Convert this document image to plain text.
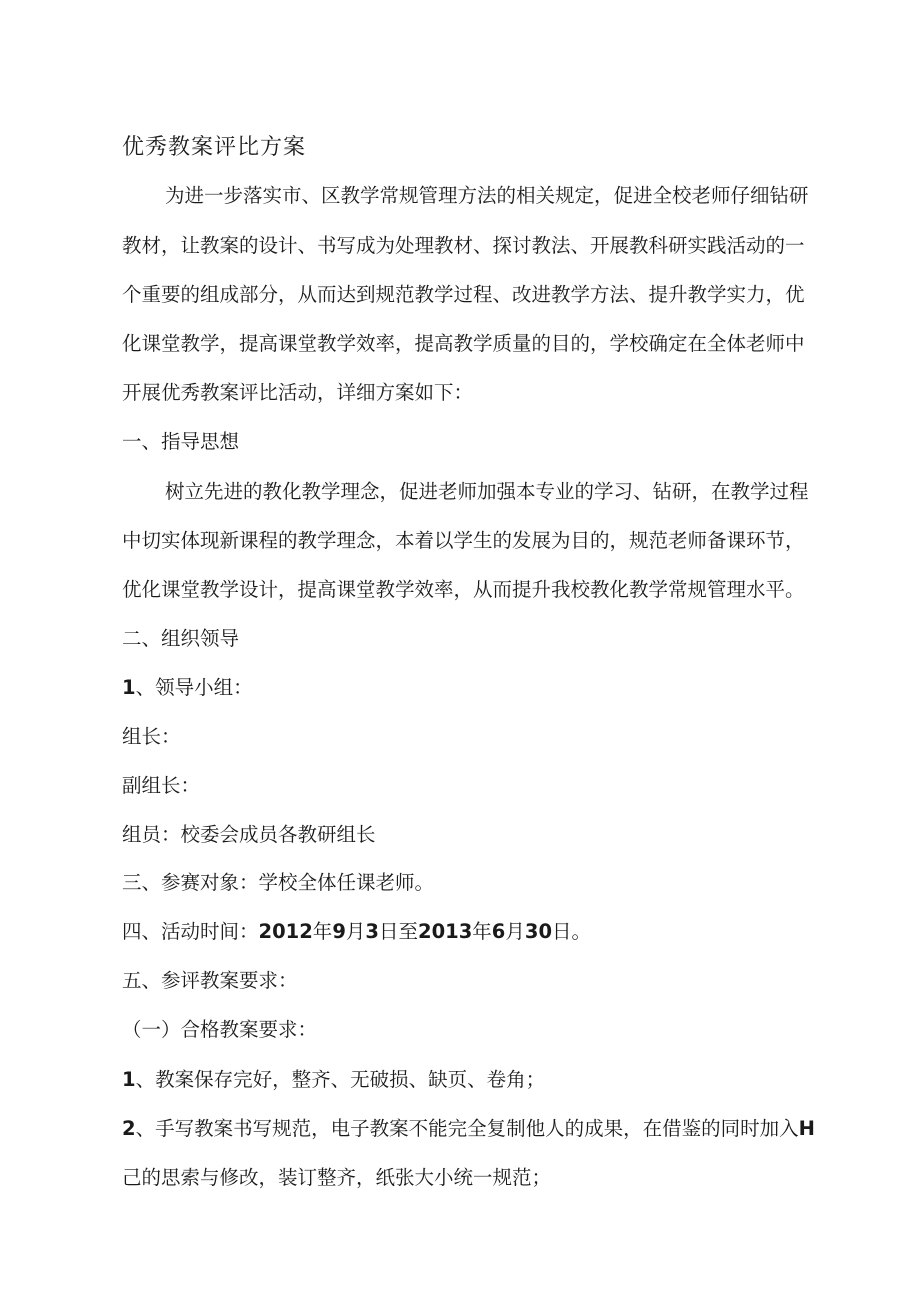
优秀教案评比方案
为进一步落实市、区教学常规管理方法的相关规定，促进全校老师仔细钻研
教材，让教案的设计、书写成为处理教材、探讨教法、开展教科研实践活动的一
个重要的组成部分，从而达到规范教学过程、改进教学方法、提升教学实力，优
化课堂教学，提高课堂教学效率，提高教学质量的目的，学校确定在全体老师中
开展优秀教案评比活动，详细方案如下：
一、指导思想
树立先进的教化教学理念，促进老师加强本专业的学习、钻研，在教学过程
中切实体现新课程的教学理念，本着以学生的发展为目的，规范老师备课环节，
优化课堂教学设计，提高课堂教学效率，从而提升我校教化教学常规管理水平。
二、组织领导
1、领导小组：
组长：
副组长：
组员：校委会成员各教研组长
三、参赛对象：学校全体任课老师。
四、活动时间：2012年9月3日至2013年6月30日。
五、参评教案要求：
（一）合格教案要求：
1、教案保存完好，整齐、无破损、缺页、卷角；
2、手写教案书写规范，电子教案不能完全复制他人的成果，在借鉴的同时加入H
己的思索与修改，装订整齐，纸张大小统一规范；
